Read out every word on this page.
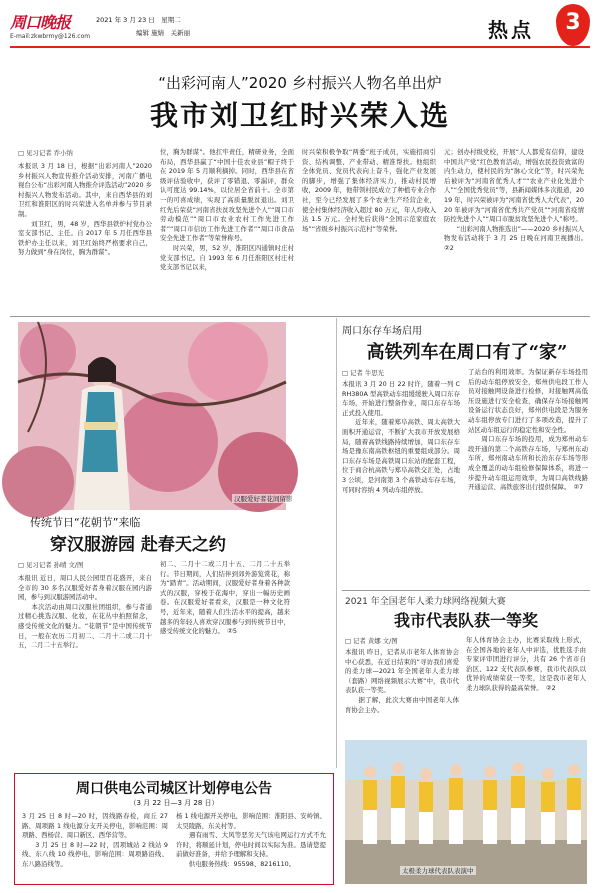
周口晚报
E-mail:zkwbrmy@126.com
2021 年 3 月 23 日　星期二
编辑 施婧　关新丽	热点	3
“出彩河南人”2020 乡村振兴人物名单出炉
我市刘卫红时兴荣入选
□ 见习记者 乔小纳
本报讯 3 月 18 日，根据“出彩河南人”2020 乡村振兴人物宣传推介活动安排，河南广播电视台公布“出彩河南人物推介评选活动”2020 乡村振兴人物发布活动。其中，来自西华县的刘卫红和淮阳区的时兴荣进入名单并参与节目录制。
　　刘卫红，男，48 岁，西华县铁炉村党办公室支部书记、主任。自 2017 年 5 月任西华县铁炉办主任以来，刘卫红始终严格要求自己，努力做到“身在岗位，胸为群谋”。
位，胸为群谋”。他扛牢责任，精研业务，全面布局，西华县赢了“中国十佳农业县”帽子终于在 2019 年 5 月顺利摘掉。同时，西华县在省级评估验收中，获评了零错退、零漏评，群众认可度达 99.14%，以位居全省前十。全市第一的可喜成绩，实现了高质量脱贫退出。刘卫红先后荣获“河南省扶贫攻坚先进个人”“周口市劳动模范”“周口市农业农村工作先进工作者”“周口市信访工作先进工作者”“周口市食品安全先进工作者”等荣誉称号。
　　时兴荣，男，52 岁，淮阳区四通镇时庄村党支部书记。自 1993 年 6 月任淮阳区村庄村党支部书记以来，
时兴荣积极争取“两委”班子成员，实施招商引资、结构调整、产业带动、精准帮扶。他组织全体党员、党员代表向上奋斗，强化产业发展的脚步，增强了集体经济实力，推动村民增收，2009 年，他带领村民成立了种植专业合作社，至今已经发展了多个农业生产经营企业，使全村集体经济收入超过 80 万元，年人均收入达 1.5 万元。全村先后获得“全国示范家庭农场”“省级乡村振兴示范村”等荣誉。
元；创办村级党校，开展“人人都爱有信仰，建设中国共产党”红色教育活动，增强农民投资致富的内生动力，使村民的为“脉心文化”等，时兴荣先后被评为“河南省优秀人才”“农业产业化先进个人”“全国优秀党员”等，县新闻媒体多次报道，2019 年，时兴荣被评为“河南省优秀人大代表”，2020 年被评为“河南省优秀共产党员”“河南省疫情防控先进个人”“周口市脱贫攻坚先进个人”称号。
　　“出彩河南人物推选出”——2020 乡村振兴人物发布活动将于 3 月 25 日晚在河南卫视播出。　②2
汉服爱好者花间留影
周口东存车场启用
高铁列车在周口有了“家”
□ 记者 牛思光
本报讯 3 月 20 日 22 时许，随着一列 CRH380A 型高铁动车组缓缓驶入周口东存车场，开始进行整备作业，周口东存车场正式投入使用。
　　近年来，随着郑阜高铁、周太高铁大面积开通运营，不断扩大我市开放发展格局，随着高铁线路持续增加，周口东存车场是豫东南高铁枢纽的重要组成部分。周口东存车场是高铁周口东站的配套工程，位于商合杭高铁与郑阜高铁交汇处，占地 3 公顷，是河南第 3 个高铁动车存车场，可同时容纳 4 列动车组停放。
了站台的利用效率。为保证新存车场投用后的动车组停放安全，郑州供电段工作人员对接触网设备进行检修，对接触网高低压设施进行安全检查，确保存车场接触网设备运行状态良好，郑州供电段是为服务动车组停放专门进行了多项改造，提升了站区动车组运行的稳定性和安全性。
　　周口东存车场的投用，成为郑州动车段开通的第二个高铁存车场，与郑州东动车所、郑州南动车所和长治东存车场等形成全覆盖的动车组检修保障体系，将进一步提升动车组运用效率，为周口高铁线路开通运营、高铁旅客出行提供保障。　②7
传统节日“花朝节”来临
穿汉服游园 赴春天之约
□ 见习记者 孙晴 文/图
本报讯 近日，周口人民公园里百花盛开，来自全市的 30 多名汉服爱好者身着汉服在园内游园，参与到汉服游园活动中。
　　本次活动由周口汉服社团组织，参与者通过精心挑选汉服、化妆，在花丛中拍照留念，感受传统文化的魅力。“花朝节”是中国传统节日，一般在农历二月初二、二月十二或二月十五，二月二十五举行。
初二、二月十二或二月十五、二月二十五举行。节日期间，人们结伴到郊外游览赏花，称为“踏青”。活动期间，汉服爱好者身着各种款式的汉服，穿梭于花海中，穿出一幅历史画卷。在汉服爱好者看来，汉服是一种文化符号，近年来，随着人们生活水平的提高，越来越多的年轻人喜欢穿汉服参与到传统节日中，感受传统文化的魅力。　②5
2021 年全国老年人柔力球网络视频大赛
我市代表队获一等奖
□ 记者 黄娜 文/图
本报讯 昨日，记者从市老年人体育协会中心获悉，在近日结束的“寻访我们喜爱的柔力球—2021 年全国老年人柔力球（套路）网络视频展示大赛”中，我市代表队获一等奖。
　　据了解，此次大赛由中国老年人体育协会主办。
年人体育协会主办，比赛采取线上形式，在全国各地的老年人中评选，优胜选手由专家评审团进行评分，共有 26 个省市自治区、122 支代表队参赛，我市代表队以优异的成绩荣获一等奖，这是我市老年人柔力球队获得的最高荣誉。　②2
太极柔力球代表队表演中
周口供电公司城区计划停电公告
（3 月 22 日—3 月 28 日）
3 月 25 日 8 时—20 时，因线路春检，商丘 27 路、周项路 1 线电源分支开关停电，影响范围：周项路、西杨营、周口新区、西华营等。
　　3 月 25 日 8 时—22 时，因项城站 2 线站 9 线、东八线 10 线停电，影响范围：周项路沿线、东八路沿线等。
杨 1 线电源开关停电，影响范围：淮阳县、安岭镇、太昊陵路、东关村等。
　　遇有雨雪、大风等恶劣天气该电网运行方式不允许时，将顺延计划，停电时间以实际为准。恳请您提前做好准备，并给予理解和支持。
　　供电服务热线：95598、8216110。
